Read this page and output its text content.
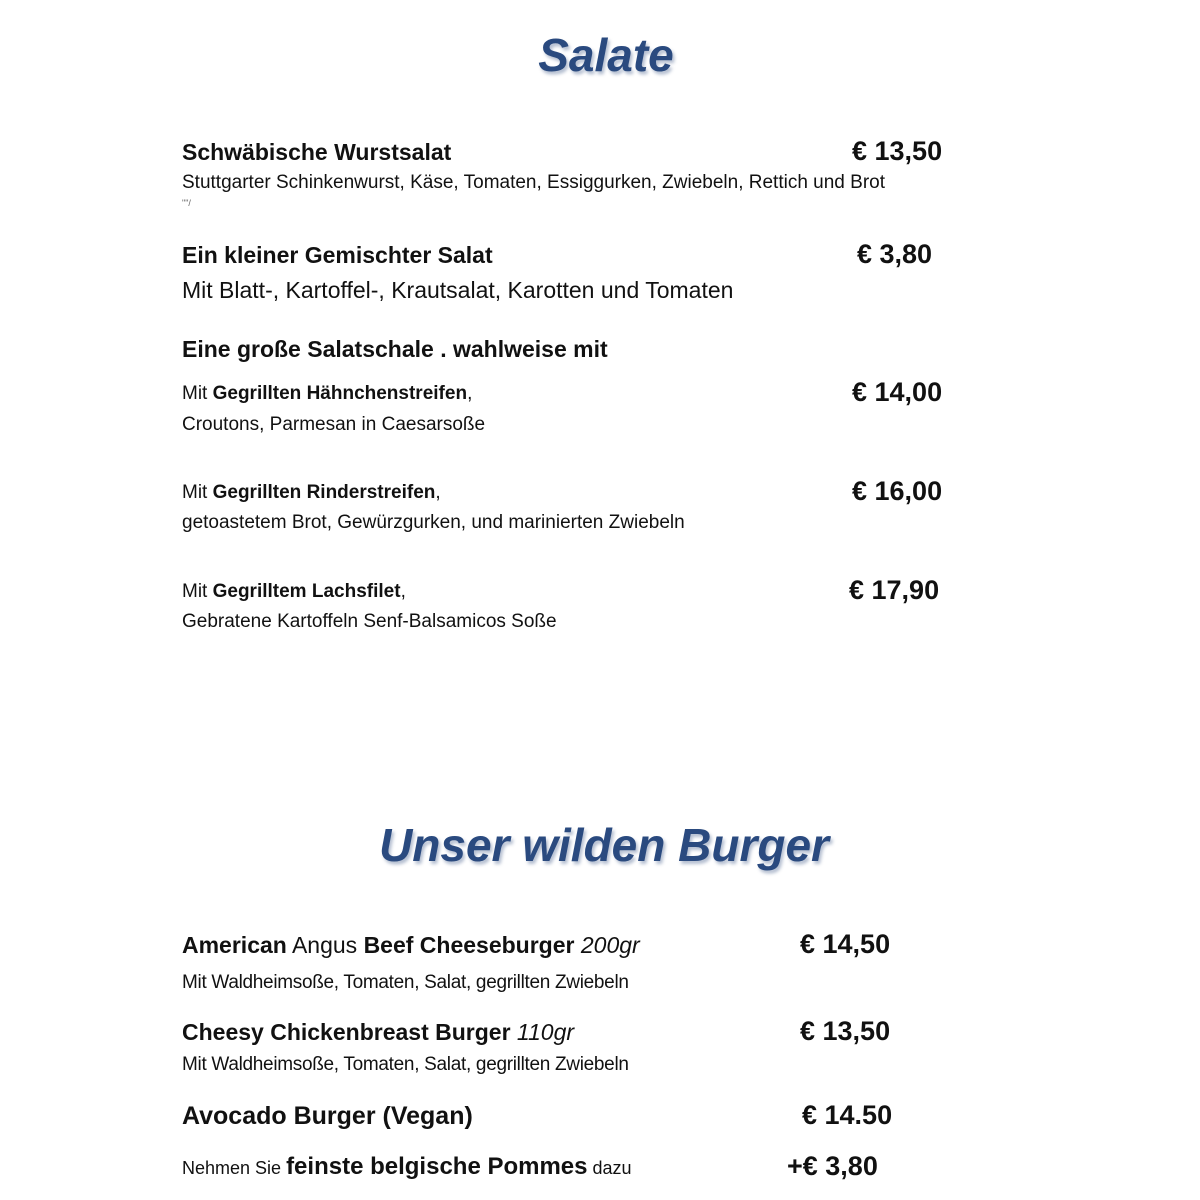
Salate
Schwäbische Wurstsalat	€ 13,50
Stuttgarter Schinkenwurst, Käse, Tomaten, Essiggurken, Zwiebeln, Rettich und Brot
""/
Ein kleiner Gemischter Salat	€ 3,80
Mit Blatt-, Kartoffel-, Krautsalat, Karotten und Tomaten
Eine große Salatschale . wahlweise mit
Mit Gegrillten Hähnchenstreifen,	€ 14,00
Croutons, Parmesan in Caesarsoße
Mit Gegrillten Rinderstreifen,	€ 16,00
getoastetem Brot, Gewürzgurken, und marinierten Zwiebeln
Mit Gegrilltem Lachsfilet,	€ 17,90
Gebratene Kartoffeln Senf-Balsamicos Soße
Unser wilden Burger
American Angus Beef Cheeseburger 200gr	€ 14,50
Mit Waldheimsoße, Tomaten, Salat, gegrillten Zwiebeln
Cheesy Chickenbreast Burger 110gr	€ 13,50
Mit Waldheimsoße, Tomaten, Salat, gegrillten Zwiebeln
Avocado Burger (Vegan)	€ 14.50
Nehmen Sie feinste belgische Pommes dazu	+€ 3,80
